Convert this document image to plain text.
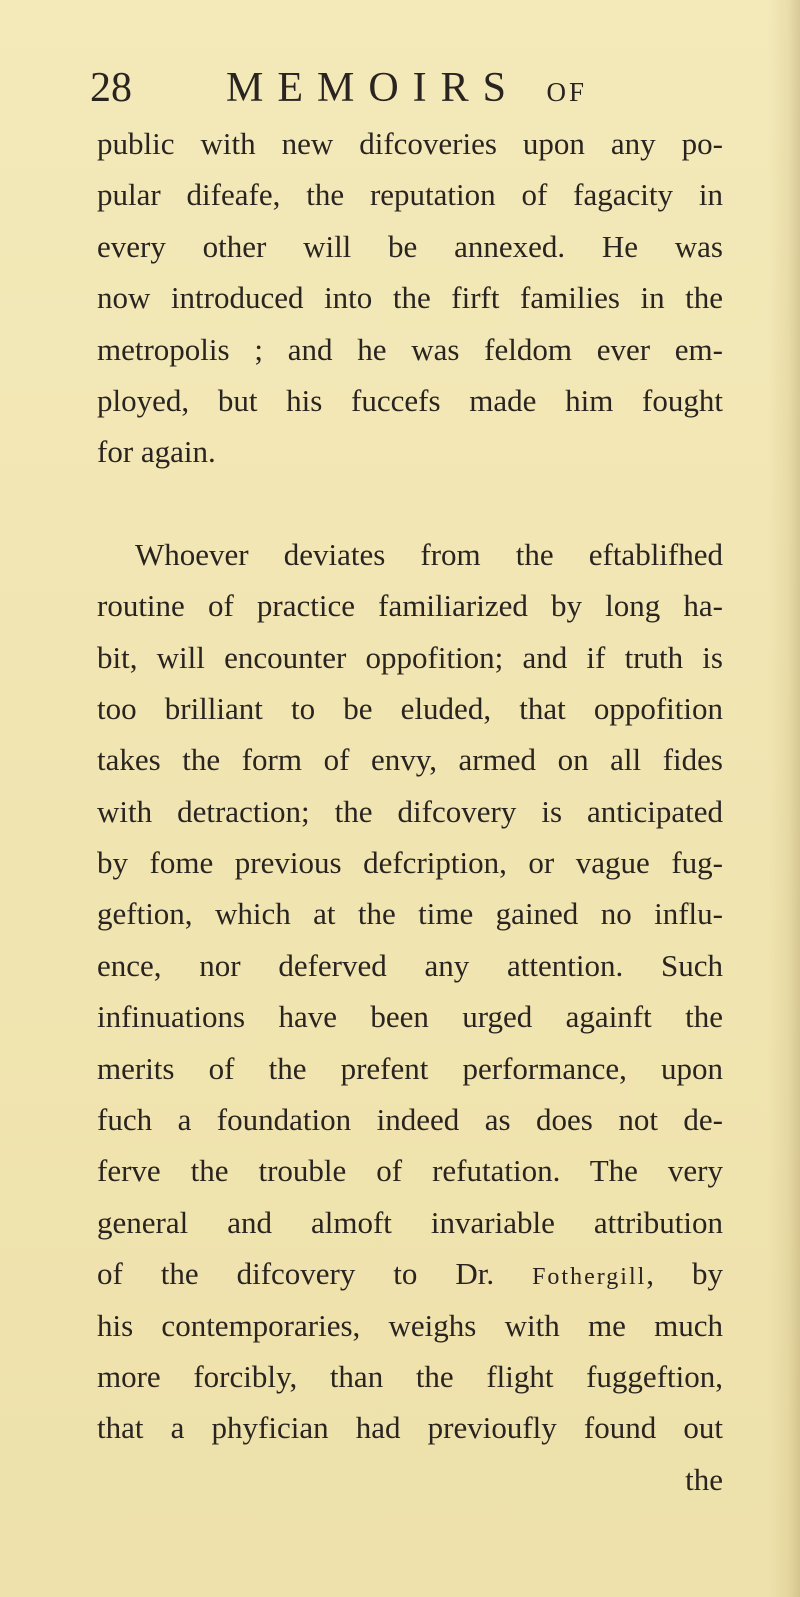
28 MEMOIRS OF
public with new difcoveries upon any po-
pular difeafe, the reputation of fagacity in
every other will be annexed. He was
now introduced into the firft families in the
metropolis ; and he was feldom ever em-
ployed, but his fuccefs made him fought
for again.
Whoever deviates from the eftablifhed
routine of practice familiarized by long ha-
bit, will encounter oppofition; and if truth is
too brilliant to be eluded, that oppofition
takes the form of envy, armed on all fides
with detraction; the difcovery is anticipated
by fome previous defcription, or vague fug-
geftion, which at the time gained no influ-
ence, nor deferved any attention. Such
infinuations have been urged againft the
merits of the prefent performance, upon
fuch a foundation indeed as does not de-
ferve the trouble of refutation. The very
general and almoft invariable attribution
of the difcovery to Dr. Fothergill, by
his contemporaries, weighs with me much
more forcibly, than the flight fuggeftion,
that a phyfician had previoufly found out
the
